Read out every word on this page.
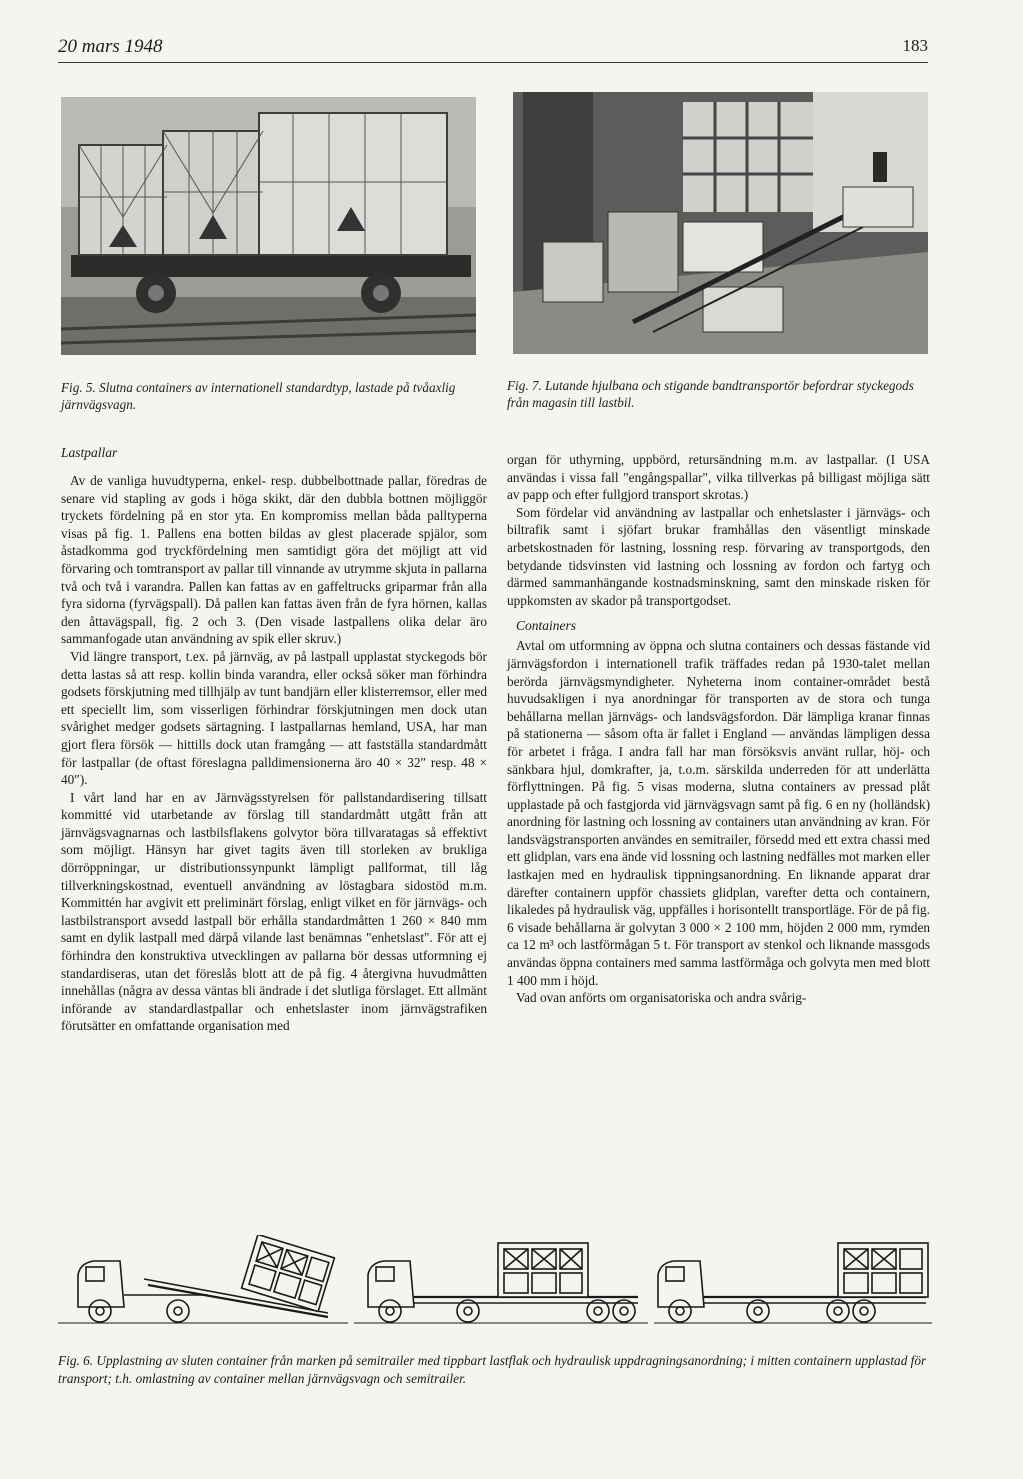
20 mars 1948	183
Fig. 5. Slutna containers av internationell standardtyp, lastade på tvåaxlig järnvägsvagn.
Fig. 7. Lutande hjulbana och stigande bandtransportör befordrar styckegods från magasin till lastbil.
Lastpallar

Av de vanliga huvudtyperna, enkel- resp. dubbelbottnade pallar, föredras de senare vid stapling av gods i höga skikt, där den dubbla bottnen möjliggör tryckets fördelning på en stor yta. En kompromiss mellan båda palltyperna visas på fig. 1. Pallens ena botten bildas av glest placerade spjälor, som åstadkomma god tryckfördelning men samtidigt göra det möjligt att vid förvaring och tomtransport av pallar till vinnande av utrymme skjuta in pallarna två och två i varandra. Pallen kan fattas av en gaffeltrucks griparmar från alla fyra sidorna (fyrvägspall). Då pallen kan fattas även från de fyra hörnen, kallas den åttavägspall, fig. 2 och 3. (Den visade lastpallens olika delar äro sammanfogade utan användning av spik eller skruv.)

Vid längre transport, t.ex. på järnväg, av på lastpall upplastat styckegods bör detta lastas så att resp. kollin binda varandra, eller också söker man förhindra godsets förskjutning med tillhjälp av tunt bandjärn eller klisterremsor, eller med ett speciellt lim, som visserligen förhindrar förskjutningen men dock utan svårighet medger godsets särtagning. I lastpallarnas hemland, USA, har man gjort flera försök — hittills dock utan framgång — att fastställa standardmått för lastpallar (de oftast föreslagna palldimensionerna äro 40 × 32″ resp. 48 × 40″).

I vårt land har en av Järnvägsstyrelsen för pallstandardisering tillsatt kommitté vid utarbetande av förslag till standardmått utgått från att järnvägsvagnarnas och lastbilsflakens golvytor böra tillvaratagas så effektivt som möjligt. Hänsyn har givet tagits även till storleken av brukliga dörröppningar, ur distributionssynpunkt lämpligt pallformat, till låg tillverkningskostnad, eventuell användning av löstagbara sidostöd m.m. Kommittén har avgivit ett preliminärt förslag, enligt vilket en för järnvägs- och lastbilstransport avsedd lastpall bör erhålla standardmåtten 1 260 × 840 mm samt en dylik lastpall med därpå vilande last benämnas "enhetslast". För att ej förhindra den konstruktiva utvecklingen av pallarna bör dessas utformning ej standardiseras, utan det föreslås blott att de på fig. 4 återgivna huvudmåtten innehållas (några av dessa väntas bli ändrade i det slutliga förslaget. Ett allmänt införande av standardlastpallar och enhetslaster inom järnvägstrafiken förutsätter en omfattande organisation med

organ för uthyrning, uppbörd, retursändning m.m. av lastpallar. (I USA användas i vissa fall "engångspallar", vilka tillverkas på billigast möjliga sätt av papp och efter fullgjord transport skrotas.)

Som fördelar vid användning av lastpallar och enhetslaster i järnvägs- och biltrafik samt i sjöfart brukar framhållas den väsentligt minskade arbetskostnaden för lastning, lossning resp. förvaring av transportgods, den betydande tidsvinsten vid lastning och lossning av fordon och fartyg och därmed sammanhängande kostnadsminskning, samt den minskade risken för uppkomsten av skador på transportgodset.

Containers

Avtal om utformning av öppna och slutna containers och dessas fästande vid järnvägsfordon i internationell trafik träffades redan på 1930-talet mellan berörda järnvägsmyndigheter. Nyheterna inom container-området bestå huvudsakligen i nya anordningar för transporten av de stora och tunga behållarna mellan järnvägs- och landsvägsfordon. Där lämpliga kranar finnas på stationerna — såsom ofta är fallet i England — användas lämpligen dessa för arbetet i fråga. I andra fall har man försöksvis använt rullar, höj- och sänkbara hjul, domkrafter, ja, t.o.m. särskilda underreden för att underlätta förflyttningen. På fig. 5 visas moderna, slutna containers av pressad plåt upplastade på och fastgjorda vid järnvägsvagn samt på fig. 6 en ny (holländsk) anordning för lastning och lossning av containers utan användning av kran. För landsvägstransporten användes en semitrailer, försedd med ett extra chassi med ett glidplan, vars ena ände vid lossning och lastning nedfälles mot marken eller lastkajen med en hydraulisk tippningsanordning. En liknande apparat drar därefter containern uppför chassiets glidplan, varefter detta och containern, likaledes på hydraulisk väg, uppfälles i horisontellt transportläge. För de på fig. 6 visade behållarna är golvytan 3 000 × 2 100 mm, höjden 2 000 mm, rymden ca 12 m³ och lastförmågan 5 t. För transport av stenkol och liknande massgods användas öppna containers med samma lastförmåga och golvyta men med blott 1 400 mm i höjd.

Vad ovan anförts om organisatoriska och andra svårig-

Fig. 6. Upplastning av sluten container från marken på semitrailer med tippbart lastflak och hydraulisk uppdragningsanordning; i mitten containern upplastad för transport; t.h. omlastning av container mellan järnvägsvagn och semitrailer.
